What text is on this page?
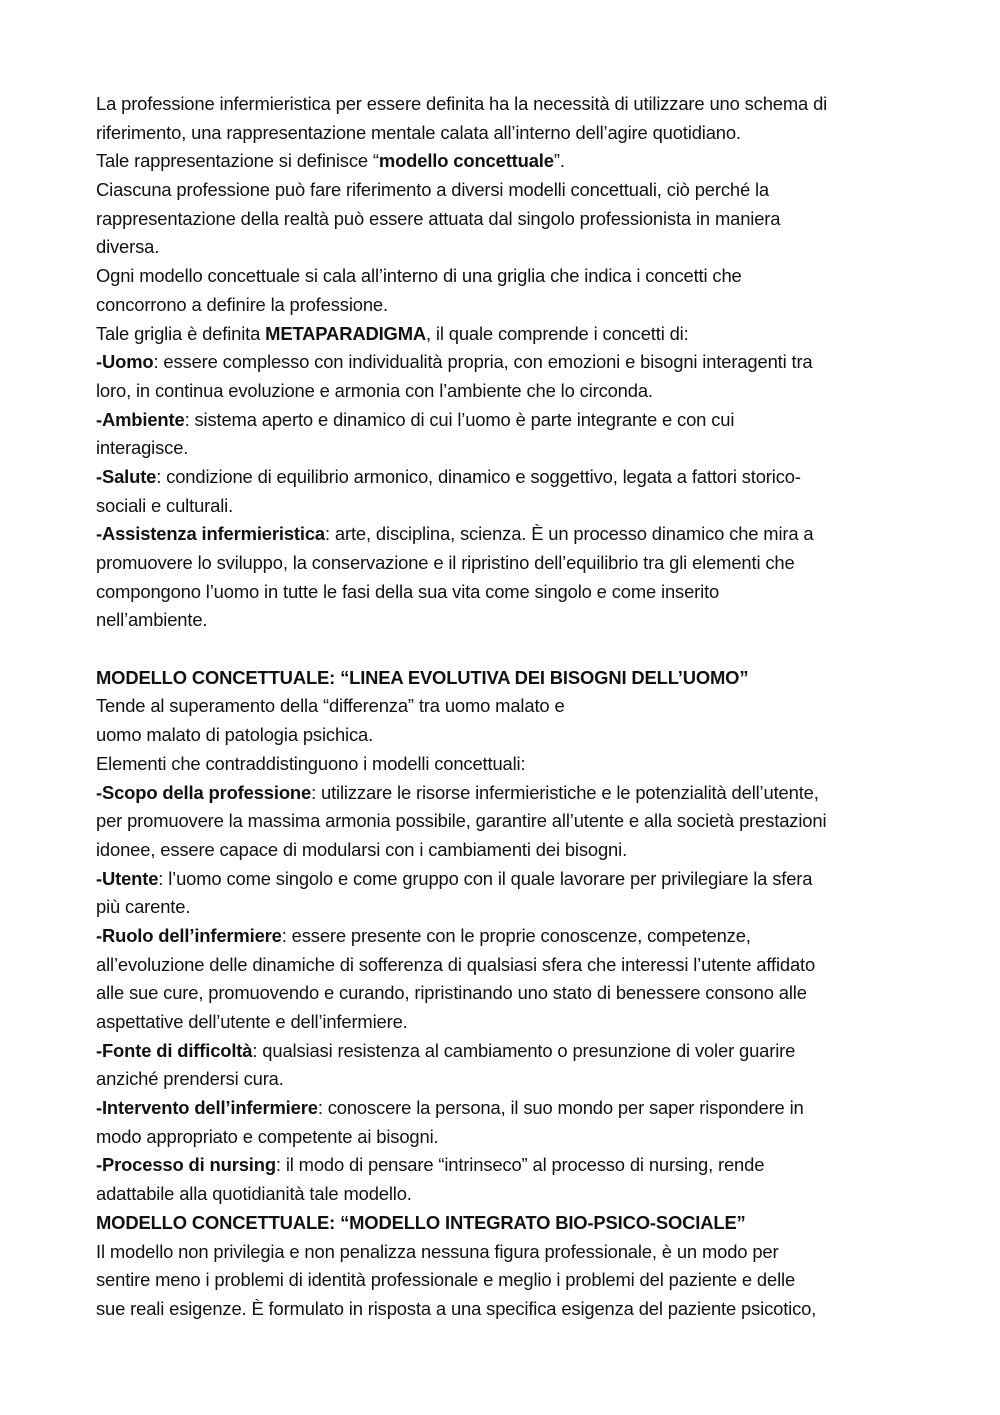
La professione infermieristica per essere definita ha la necessità di utilizzare uno schema di
riferimento, una rappresentazione mentale calata all’interno dell’agire quotidiano.
Tale rappresentazione si definisce “modello concettuale”.
Ciascuna professione può fare riferimento a diversi modelli concettuali, ciò perché la
rappresentazione della realtà può essere attuata dal singolo professionista in maniera
diversa.
Ogni modello concettuale si cala all’interno di una griglia che indica i concetti che
concorrono a definire la professione.
Tale griglia è definita METAPARADIGMA, il quale comprende i concetti di:
-Uomo: essere complesso con individualità propria, con emozioni e bisogni interagenti tra
loro, in continua evoluzione e armonia con l’ambiente che lo circonda.
-Ambiente: sistema aperto e dinamico di cui l’uomo è parte integrante e con cui
interagisce.
-Salute: condizione di equilibrio armonico, dinamico e soggettivo, legata a fattori storico-
sociali e culturali.
-Assistenza infermieristica: arte, disciplina, scienza. È un processo dinamico che mira a
promuovere lo sviluppo, la conservazione e il ripristino dell’equilibrio tra gli elementi che
compongono l’uomo in tutte le fasi della sua vita come singolo e come inserito
nell’ambiente.
MODELLO CONCETTUALE: “LINEA EVOLUTIVA DEI BISOGNI DELL’UOMO”
Tende al superamento della “differenza” tra uomo malato e
uomo malato di patologia psichica.
Elementi che contraddistinguono i modelli concettuali:
-Scopo della professione: utilizzare le risorse infermieristiche e le potenzialità dell’utente,
per promuovere la massima armonia possibile, garantire all’utente e alla società prestazioni
idonee, essere capace di modularsi con i cambiamenti dei bisogni.
-Utente: l’uomo come singolo e come gruppo con il quale lavorare per privilegiare la sfera
più carente.
-Ruolo dell’infermiere: essere presente con le proprie conoscenze, competenze,
all’evoluzione delle dinamiche di sofferenza di qualsiasi sfera che interessi l’utente affidato
alle sue cure, promuovendo e curando, ripristinando uno stato di benessere consono alle
aspettative dell’utente e dell’infermiere.
-Fonte di difficoltà: qualsiasi resistenza al cambiamento o presunzione di voler guarire
anziché prendersi cura.
-Intervento dell’infermiere: conoscere la persona, il suo mondo per saper rispondere in
modo appropriato e competente ai bisogni.
-Processo di nursing: il modo di pensare “intrinseco” al processo di nursing, rende
adattabile alla quotidianità tale modello.
MODELLO CONCETTUALE: “MODELLO INTEGRATO BIO-PSICO-SOCIALE”
Il modello non privilegia e non penalizza nessuna figura professionale, è un modo per
sentire meno i problemi di identità professionale e meglio i problemi del paziente e delle
sue reali esigenze. È formulato in risposta a una specifica esigenza del paziente psicotico,
